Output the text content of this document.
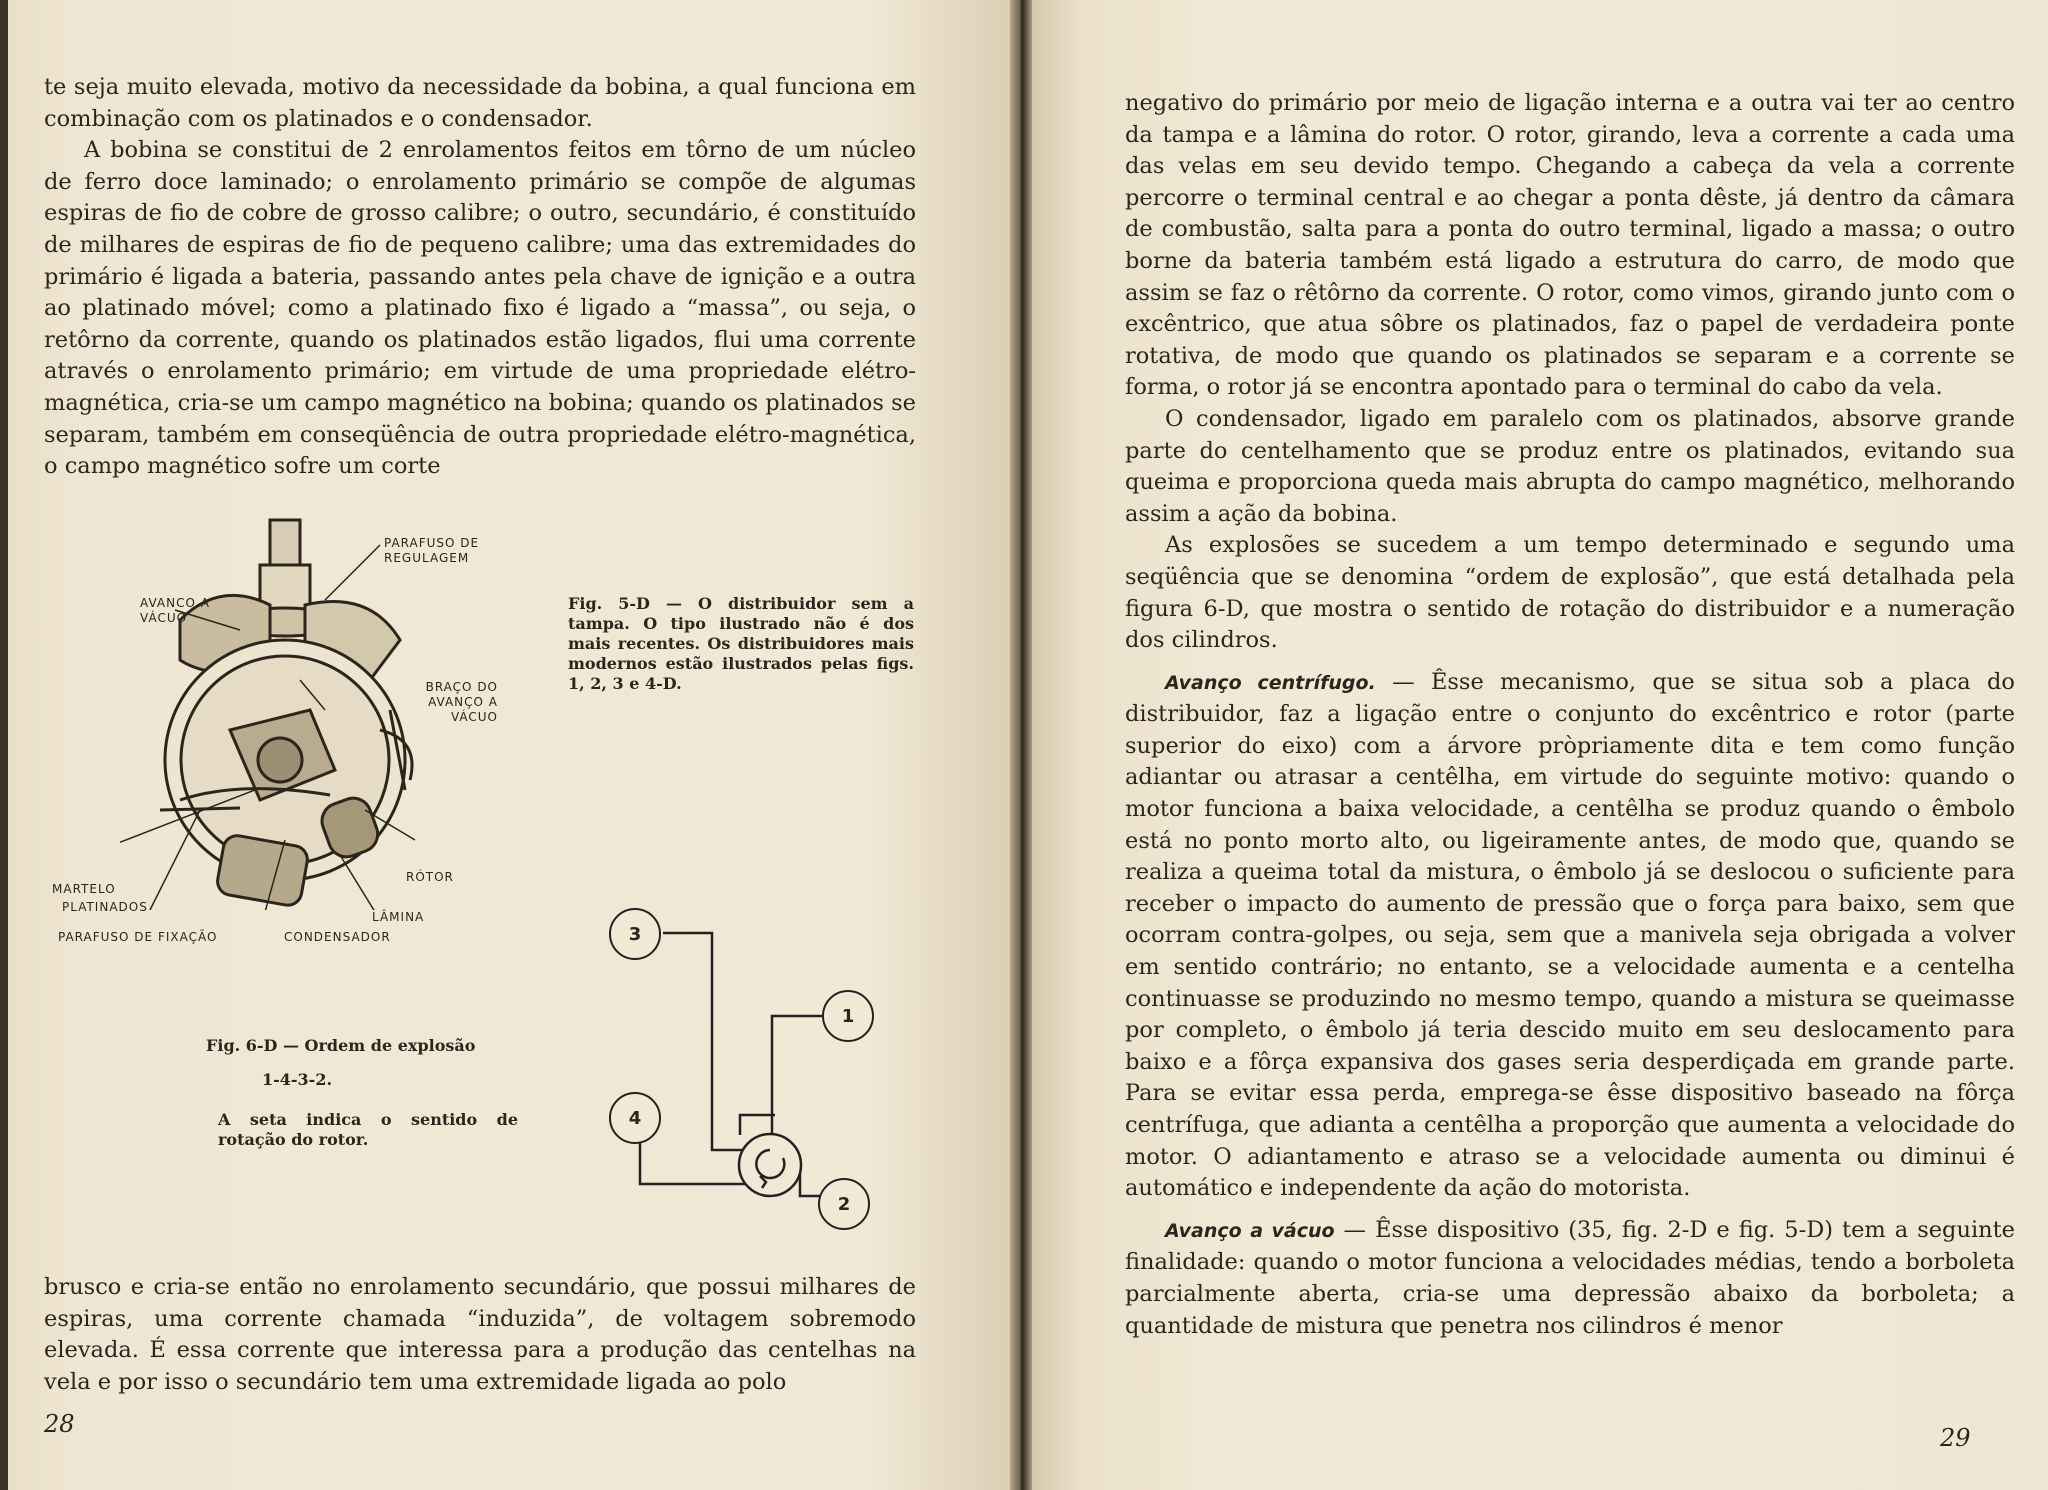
te seja muito elevada, motivo da necessidade da bobina, a qual funciona em combinação com os platinados e o condensador.

A bobina se constitui de 2 enrolamentos feitos em tôrno de um núcleo de ferro doce laminado; o enrolamento primário se compõe de algumas espiras de fio de cobre de grosso calibre; o outro, secundário, é constituído de milhares de espiras de fio de pequeno calibre; uma das extremidades do primário é ligada a bateria, passando antes pela chave de ignição e a outra ao platinado móvel; como a platinado fixo é ligado a “massa”, ou seja, o retôrno da corrente, quando os platinados estão ligados, flui uma corrente através o enrolamento primário; em virtude de uma propriedade elétro-magnética, cria-se um campo magnético na bobina; quando os platinados se separam, também em conseqüência de outra propriedade elétro-magnética, o campo magnético sofre um corte

PARAFUSO DE REGULAGEM
AVANCO A VÁCUO
BRAÇO DO AVANÇO A VÁCUO
RÓTOR
MARTELO
PLATINADOS
LÂMINA
PARAFUSO DE FIXAÇÃO	CONDENSADOR
Fig. 5-D — O distribuidor sem a tampa. O tipo ilustrado não é dos mais recentes. Os distribuidores mais modernos estão ilustrados pelas figs. 1, 2, 3 e 4-D.
3
1
4
2
Fig. 6-D — Ordem de explosão
1-4-3-2.
A seta indica o sentido de rotação do rotor.

brusco e cria-se então no enrolamento secundário, que possui milhares de espiras, uma corrente chamada “induzida”, de voltagem sobremodo elevada. É essa corrente que interessa para a produção das centelhas na vela e por isso o secundário tem uma extremidade ligada ao polo

28

negativo do primário por meio de ligação interna e a outra vai ter ao centro da tampa e a lâmina do rotor. O rotor, girando, leva a corrente a cada uma das velas em seu devido tempo. Chegando a cabeça da vela a corrente percorre o terminal central e ao chegar a ponta dêste, já dentro da câmara de combustão, salta para a ponta do outro terminal, ligado a massa; o outro borne da bateria também está ligado a estrutura do carro, de modo que assim se faz o rêtôrno da corrente. O rotor, como vimos, girando junto com o excêntrico, que atua sôbre os platinados, faz o papel de verdadeira ponte rotativa, de modo que quando os platinados se separam e a corrente se forma, o rotor já se encontra apontado para o terminal do cabo da vela.

O condensador, ligado em paralelo com os platinados, absorve grande parte do centelhamento que se produz entre os platinados, evitando sua queima e proporciona queda mais abrupta do campo magnético, melhorando assim a ação da bobina.

As explosões se sucedem a um tempo determinado e segundo uma seqüência que se denomina “ordem de explosão”, que está detalhada pela figura 6-D, que mostra o sentido de rotação do distribuidor e a numeração dos cilindros.

Avanço centrífugo. — Êsse mecanismo, que se situa sob a placa do distribuidor, faz a ligação entre o conjunto do excêntrico e rotor (parte superior do eixo) com a árvore pròpriamente dita e tem como função adiantar ou atrasar a centêlha, em virtude do seguinte motivo: quando o motor funciona a baixa velocidade, a centêlha se produz quando o êmbolo está no ponto morto alto, ou ligeiramente antes, de modo que, quando se realiza a queima total da mistura, o êmbolo já se deslocou o suficiente para receber o impacto do aumento de pressão que o força para baixo, sem que ocorram contra-golpes, ou seja, sem que a manivela seja obrigada a volver em sentido contrário; no entanto, se a velocidade aumenta e a centelha continuasse se produzindo no mesmo tempo, quando a mistura se queimasse por completo, o êmbolo já teria descido muito em seu deslocamento para baixo e a fôrça expansiva dos gases seria desperdiçada em grande parte. Para se evitar essa perda, emprega-se êsse dispositivo baseado na fôrça centrífuga, que adianta a centêlha a proporção que aumenta a velocidade do motor. O adiantamento e atraso se a velocidade aumenta ou diminui é automático e independente da ação do motorista.

Avanço a vácuo — Êsse dispositivo (35, fig. 2-D e fig. 5-D) tem a seguinte finalidade: quando o motor funciona a velocidades médias, tendo a borboleta parcialmente aberta, cria-se uma depressão abaixo da borboleta; a quantidade de mistura que penetra nos cilindros é menor

29
